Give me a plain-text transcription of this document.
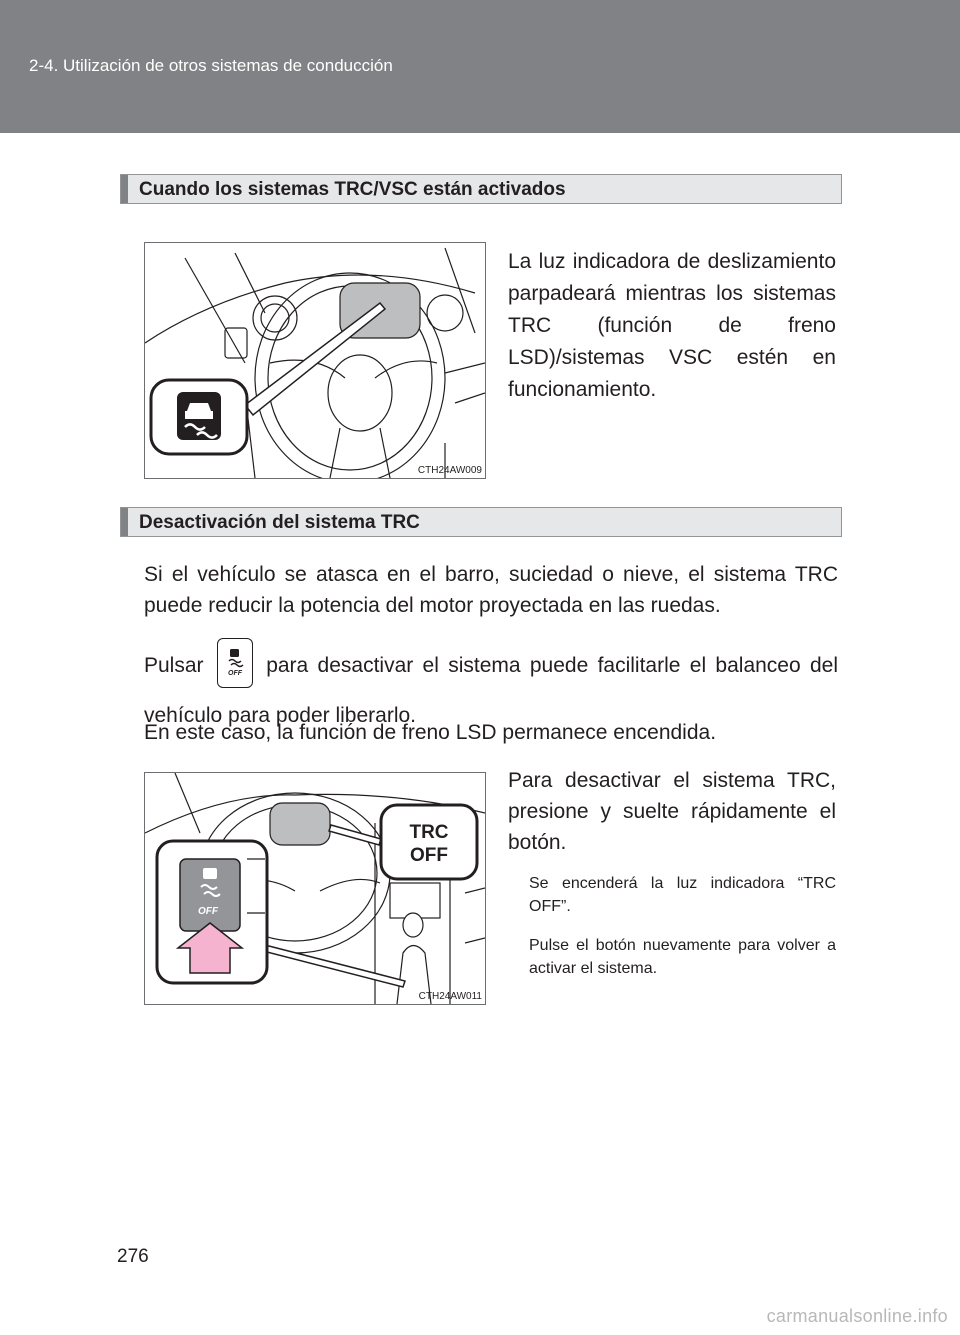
2-4. Utilización de otros sistemas de conducción
Cuando los sistemas TRC/VSC están activados
CTH24AW009
La luz indicadora de deslizamiento parpadeará mientras los sistemas TRC (función de freno LSD)/sistemas VSC estén en funcionamiento.
Desactivación del sistema TRC
Si el vehículo se atasca en el barro, suciedad o nieve, el sistema TRC puede reducir la potencia del motor proyectada en las ruedas.
Pulsar	OFF para desactivar el sistema puede facilitarle el balanceo del vehículo para poder liberarlo.
En este caso, la función de freno LSD permanece encendida.
TRC
OFF
OFF
CTH24AW011
Para desactivar el sistema TRC, presione y suelte rápidamente el botón.
Se encenderá la luz indicadora “TRC OFF”.
Pulse el botón nuevamente para volver a activar el sistema.
276
carmanualsonline.info
